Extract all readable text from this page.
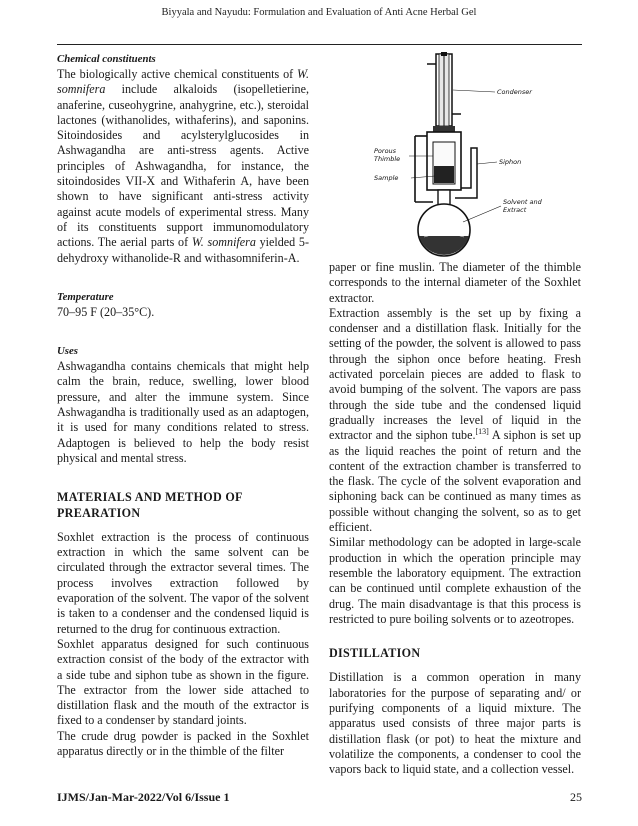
Biyyala and Nayudu: Formulation and Evaluation of Anti Acne Herbal Gel
Chemical constituents

The biologically active chemical constituents of W. somnifera include alkaloids (isopelletierine, anaferine, cuseohygrine, anahygrine, etc.), steroidal lactones (withanolides, withaferins), and saponins. Sitoindosides and acylsterylglucosides in Ashwagandha are anti-stress agents. Active principles of Ashwagandha, for instance, the sitoindosides VII-X and Withaferin A, have been shown to have significant anti-stress activity against acute models of experimental stress. Many of its constituents support immunomodulatory actions. The aerial parts of W. somnifera yielded 5-dehydroxy withanolide-R and withasomniferin-A.

Temperature

70–95 F (20–35°C).

Uses

Ashwagandha contains chemicals that might help calm the brain, reduce, swelling, lower blood pressure, and alter the immune system. Since Ashwagandha is traditionally used as an adaptogen, it is used for many conditions related to stress. Adaptogen is believed to help the body resist physical and mental stress.

MATERIALS AND METHOD OF PREARATION

Soxhlet extraction is the process of continuous extraction in which the same solvent can be circulated through the extractor several times. The process involves extraction followed by evaporation of the solvent. The vapor of the solvent is taken to a condenser and the condensed liquid is returned to the drug for continuous extraction.

Soxhlet apparatus designed for such continuous extraction consist of the body of the extractor with a side tube and siphon tube as shown in the figure. The extractor from the lower side attached to distillation flask and the mouth of the extractor is fixed to a condenser by standard joints.

The crude drug powder is packed in the Soxhlet apparatus directly or in the thimble of the filter

Condenser
Siphon
Porous
Thimble
Sample
Solvent and
Extract

paper or fine muslin. The diameter of the thimble corresponds to the internal diameter of the Soxhlet extractor.

Extraction assembly is the set up by fixing a condenser and a distillation flask. Initially for the setting of the powder, the solvent is allowed to pass through the siphon once before heating. Fresh activated porcelain pieces are added to flask to avoid bumping of the solvent. The vapors are pass through the side tube and the condensed liquid gradually increases the level of liquid in the extractor and the siphon tube.[13] A siphon is set up as the liquid reaches the point of return and the content of the extraction chamber is transferred to the flask. The cycle of the solvent evaporation and siphoning back can be continued as many times as possible without changing the solvent, so as to get efficient.

Similar methodology can be adopted in large-scale production in which the operation principle may resemble the laboratory equipment. The extraction can be continued until complete exhaustion of the drug. The main disadvantage is that this process is restricted to pure boiling solvents or to azeotropes.

DISTILLATION

Distillation is a common operation in many laboratories for the purpose of separating and/ or purifying components of a liquid mixture. The apparatus used consists of three major parts is distillation flask (or pot) to heat the mixture and volatilize the components, a condenser to cool the vapors back to liquid state, and a collection vessel.

IJMS/Jan-Mar-2022/Vol 6/Issue 1	25
